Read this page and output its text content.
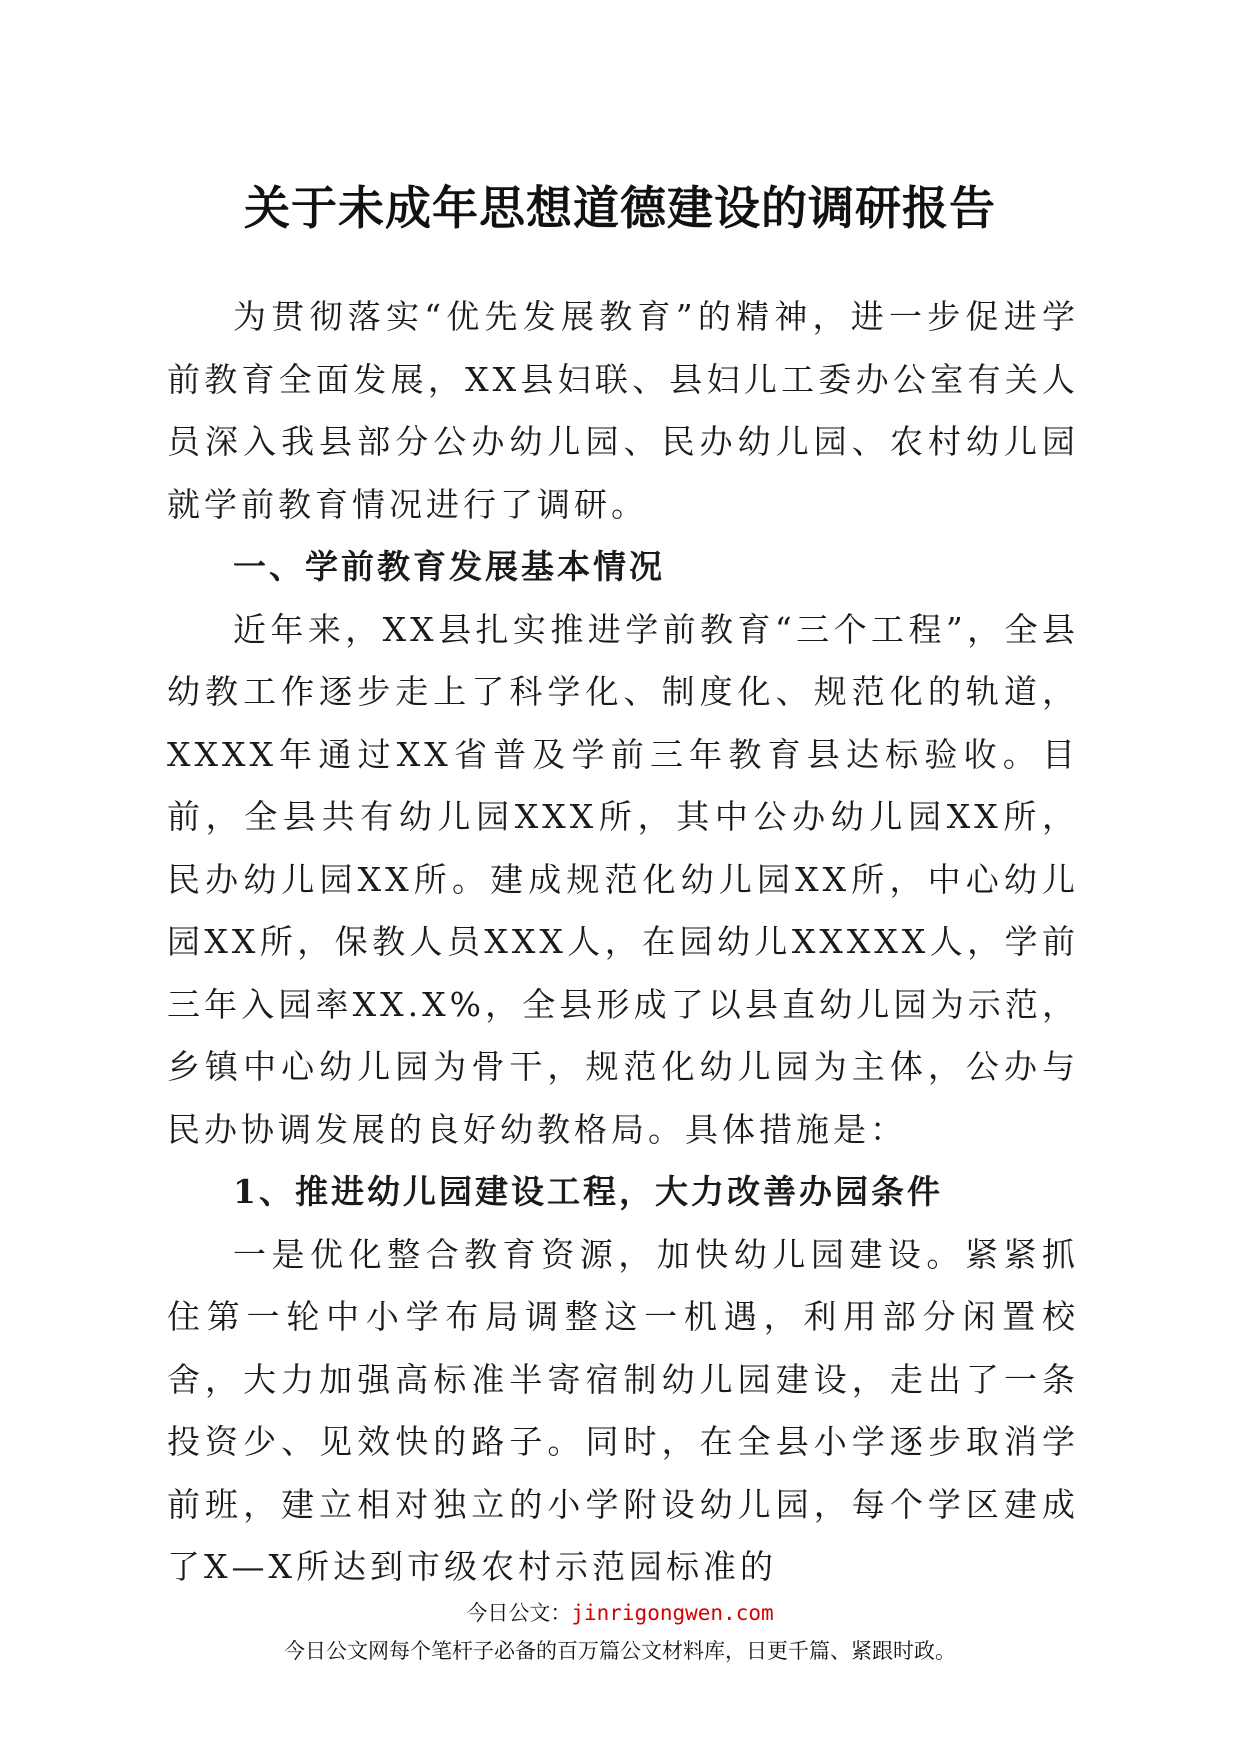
关于未成年思想道德建设的调研报告

为贯彻落实“优先发展教育”的精神，进一步促进学前教育全面发展，XX县妇联、县妇儿工委办公室有关人员深入我县部分公办幼儿园、民办幼儿园、农村幼儿园就学前教育情况进行了调研。

一、学前教育发展基本情况

近年来，XX县扎实推进学前教育“三个工程”，全县幼教工作逐步走上了科学化、制度化、规范化的轨道，XXXX年通过XX省普及学前三年教育县达标验收。目前，全县共有幼儿园XXX所，其中公办幼儿园XX所，民办幼儿园XX所。建成规范化幼儿园XX所，中心幼儿园XX所，保教人员XXX人，在园幼儿XXXXX人，学前三年入园率XX.X%，全县形成了以县直幼儿园为示范，乡镇中心幼儿园为骨干，规范化幼儿园为主体，公办与民办协调发展的良好幼教格局。具体措施是：

1、推进幼儿园建设工程，大力改善办园条件

一是优化整合教育资源，加快幼儿园建设。紧紧抓住第一轮中小学布局调整这一机遇，利用部分闲置校舍，大力加强高标准半寄宿制幼儿园建设，走出了一条投资少、见效快的路子。同时，在全县小学逐步取消学前班，建立相对独立的小学附设幼儿园，每个学区建成了X—X所达到市级农村示范园标准的

今日公文：jinrigongwen.com
今日公文网每个笔杆子必备的百万篇公文材料库，日更千篇、紧跟时政。
